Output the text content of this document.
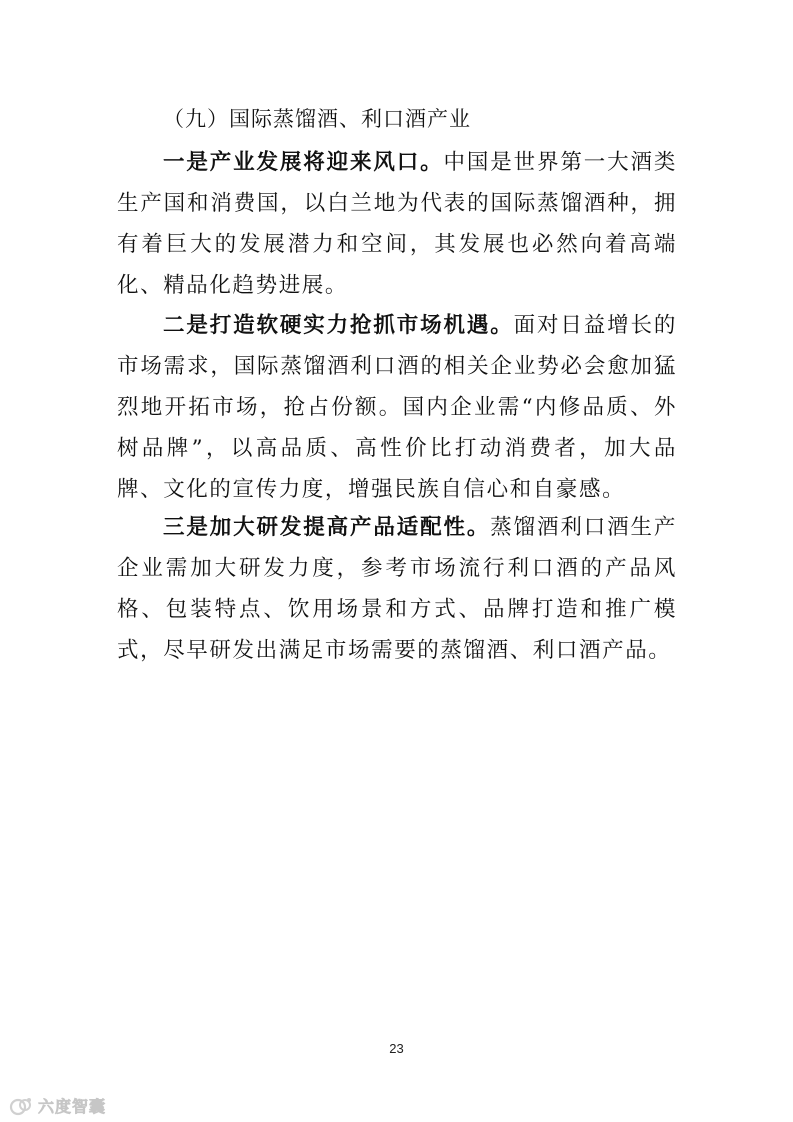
（九）国际蒸馏酒、利口酒产业

一是产业发展将迎来风口。中国是世界第一大酒类生产国和消费国，以白兰地为代表的国际蒸馏酒种，拥有着巨大的发展潜力和空间，其发展也必然向着高端化、精品化趋势进展。

二是打造软硬实力抢抓市场机遇。面对日益增长的市场需求，国际蒸馏酒利口酒的相关企业势必会愈加猛烈地开拓市场，抢占份额。国内企业需“内修品质、外树品牌”，以高品质、高性价比打动消费者，加大品牌、文化的宣传力度，增强民族自信心和自豪感。

三是加大研发提高产品适配性。蒸馏酒利口酒生产企业需加大研发力度，参考市场流行利口酒的产品风格、包装特点、饮用场景和方式、品牌打造和推广模式，尽早研发出满足市场需要的蒸馏酒、利口酒产品。

23
六度智囊
